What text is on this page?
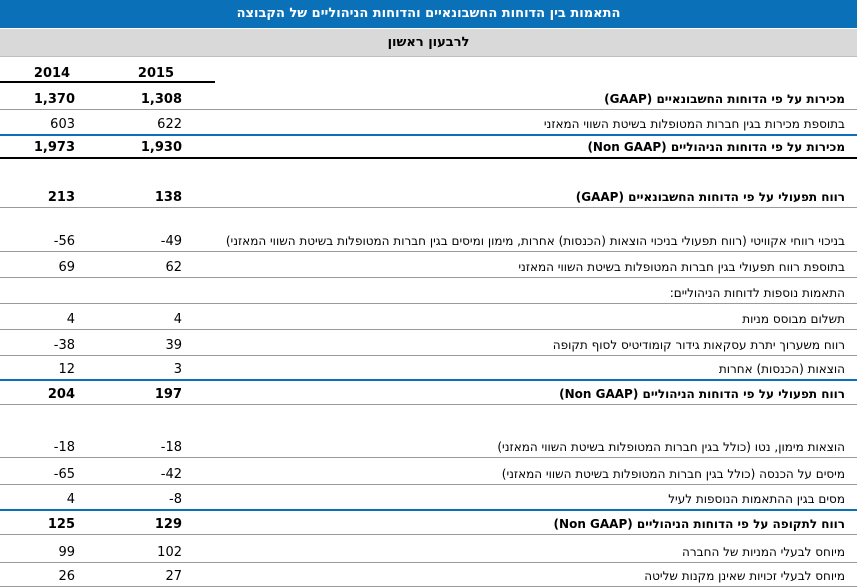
התאמות בין הדוחות החשבונאיים והדוחות הניהוליים של הקבוצה
לרבעון ראשון
2015
2014
מכירות על פי הדוחות החשבונאיים (GAAP)
1,308
1,370
בתוספת מכירות בגין חברות המטופלות בשיטת השווי המאזני
622
603
מכירות על פי הדוחות הניהוליים (Non GAAP)
1,930
1,973
רווח תפעולי על פי הדוחות החשבונאיים (GAAP)
138
213
בניכוי רווחי אקוויטי (רווח תפעולי בניכוי הוצאות (הכנסות) אחרות, מימון ומיסים בגין חברות המטופלות בשיטת השווי המאזני)
-49
-56
בתוספת רווח תפעולי בגין חברות המטופלות בשיטת השווי המאזני
62
69
התאמות נוספות לדוחות הניהוליים:
תשלום מבוסס מניות
4
4
רווח משערוך יתרת עסקאות גידור קומודיטיס לסוף תקופה
39
-38
הוצאות (הכנסות) אחרות
3
12
רווח תפעולי על פי הדוחות הניהוליים (Non GAAP)
197
204
הוצאות מימון, נטו (כולל בגין חברות המטופלות בשיטת השווי המאזני)
-18
-18
מיסים על הכנסה (כולל בגין חברות המטופלות בשיטת השווי המאזני)
-42
-65
מסים בגין ההתאמות הנוספות לעיל
-8
4
רווח לתקופה על פי הדוחות הניהוליים (Non GAAP)
129
125
מיוחס לבעלי המניות של החברה
102
99
מיוחס לבעלי זכויות שאינן מקנות שליטה
27
26
